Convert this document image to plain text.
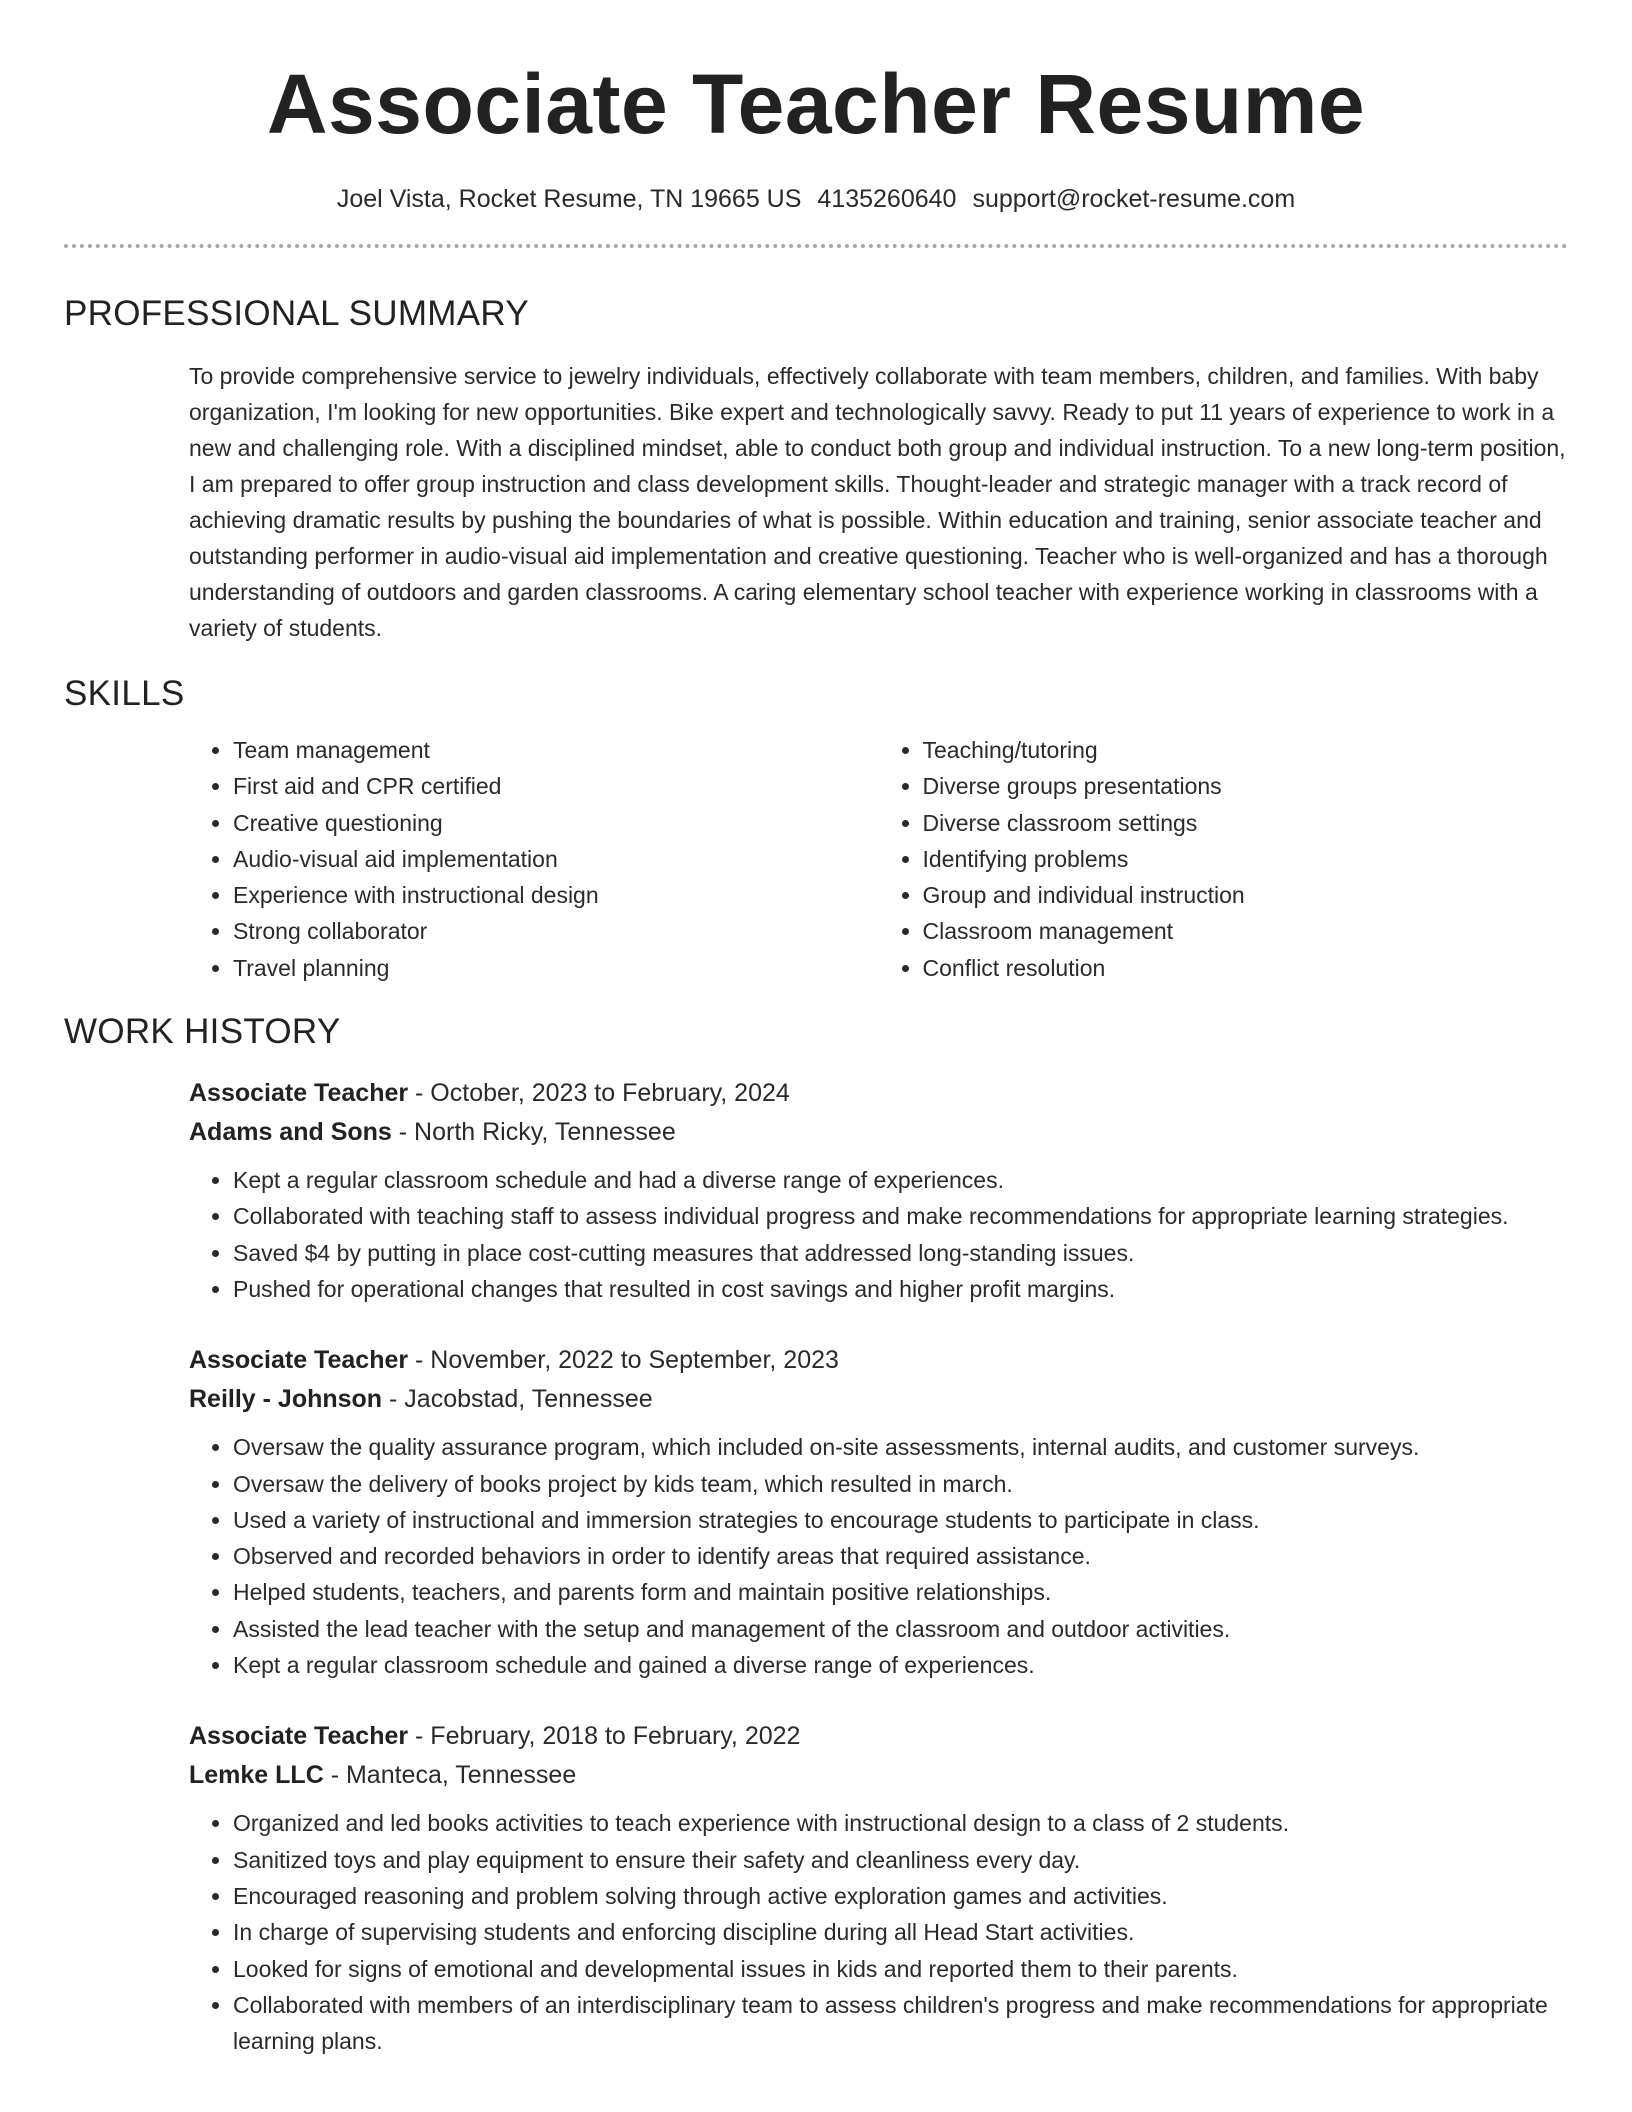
Associate Teacher Resume
Joel Vista, Rocket Resume, TN 19665 US 4135260640 support@rocket-resume.com
PROFESSIONAL SUMMARY

To provide comprehensive service to jewelry individuals, effectively collaborate with team members, children, and families. With baby organization, I'm looking for new opportunities. Bike expert and technologically savvy. Ready to put 11 years of experience to work in a new and challenging role. With a disciplined mindset, able to conduct both group and individual instruction. To a new long-term position, I am prepared to offer group instruction and class development skills. Thought-leader and strategic manager with a track record of achieving dramatic results by pushing the boundaries of what is possible. Within education and training, senior associate teacher and outstanding performer in audio-visual aid implementation and creative questioning. Teacher who is well-organized and has a thorough understanding of outdoors and garden classrooms. A caring elementary school teacher with experience working in classrooms with a variety of students.

SKILLS
• Team management
• First aid and CPR certified
• Creative questioning
• Audio-visual aid implementation
• Experience with instructional design
• Strong collaborator
• Travel planning
• Teaching/tutoring
• Diverse groups presentations
• Diverse classroom settings
• Identifying problems
• Group and individual instruction
• Classroom management
• Conflict resolution
WORK HISTORY
Associate Teacher - October, 2023 to February, 2024
Adams and Sons - North Ricky, Tennessee
• Kept a regular classroom schedule and had a diverse range of experiences.
• Collaborated with teaching staff to assess individual progress and make recommendations for appropriate learning strategies.
• Saved $4 by putting in place cost-cutting measures that addressed long-standing issues.
• Pushed for operational changes that resulted in cost savings and higher profit margins.
Associate Teacher - November, 2022 to September, 2023
Reilly - Johnson - Jacobstad, Tennessee
• Oversaw the quality assurance program, which included on-site assessments, internal audits, and customer surveys.
• Oversaw the delivery of books project by kids team, which resulted in march.
• Used a variety of instructional and immersion strategies to encourage students to participate in class.
• Observed and recorded behaviors in order to identify areas that required assistance.
• Helped students, teachers, and parents form and maintain positive relationships.
• Assisted the lead teacher with the setup and management of the classroom and outdoor activities.
• Kept a regular classroom schedule and gained a diverse range of experiences.
Associate Teacher - February, 2018 to February, 2022
Lemke LLC - Manteca, Tennessee
• Organized and led books activities to teach experience with instructional design to a class of 2 students.
• Sanitized toys and play equipment to ensure their safety and cleanliness every day.
• Encouraged reasoning and problem solving through active exploration games and activities.
• In charge of supervising students and enforcing discipline during all Head Start activities.
• Looked for signs of emotional and developmental issues in kids and reported them to their parents.
• Collaborated with members of an interdisciplinary team to assess children's progress and make recommendations for appropriate learning plans.
